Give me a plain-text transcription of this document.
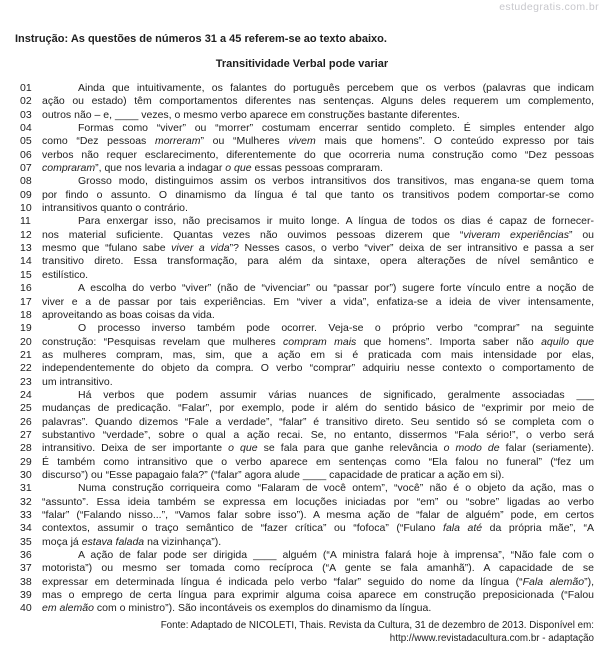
estudegratis.com.br
Instrução: As questões de números 31 a 45 referem-se ao texto abaixo.
Transitividade Verbal pode variar
01	Ainda que intuitivamente, os falantes do português percebem que os verbos (palavras que indicam
02 ação ou estado) têm comportamentos diferentes nas sentenças. Alguns deles requerem um complemento,
03 outros não – e, ____ vezes, o mesmo verbo aparece em construções bastante diferentes.
04	Formas como “viver” ou “morrer” costumam encerrar sentido completo. É simples entender algo
05 como “Dez pessoas morreram” ou “Mulheres vivem mais que homens”. O conteúdo expresso por tais
06 verbos não requer esclarecimento, diferentemente do que ocorreria numa construção como “Dez pessoas
07 compraram”, que nos levaria a indagar o que essas pessoas compraram.
08	Grosso modo, distinguimos assim os verbos intransitivos dos transitivos, mas engana-se quem toma
09 por findo o assunto. O dinamismo da língua é tal que tanto os transitivos podem comportar-se como
10 intransitivos quanto o contrário.
11	Para enxergar isso, não precisamos ir muito longe. A língua de todos os dias é capaz de fornecer-
12 nos material suficiente. Quantas vezes não ouvimos pessoas dizerem que “viveram experiências” ou
13 mesmo que “fulano sabe viver a vida”? Nesses casos, o verbo “viver” deixa de ser intransitivo e passa a ser
14 transitivo direto. Essa transformação, para além da sintaxe, opera alterações de nível semântico e
15 estilístico.
16	A escolha do verbo “viver” (não de “vivenciar” ou “passar por”) sugere forte vínculo entre a noção de
17 viver e a de passar por tais experiências. Em “viver a vida”, enfatiza-se a ideia de viver intensamente,
18 aproveitando as boas coisas da vida.
19	O processo inverso também pode ocorrer. Veja-se o próprio verbo “comprar” na seguinte
20 construção: “Pesquisas revelam que mulheres compram mais que homens”. Importa saber não aquilo que
21 as mulheres compram, mas, sim, que a ação em si é praticada com mais intensidade por elas,
22 independentemente do objeto da compra. O verbo “comprar” adquiriu nesse contexto o comportamento de
23 um intransitivo.
24	Há verbos que podem assumir várias nuances de significado, geralmente associadas ___
25 mudanças de predicação. “Falar”, por exemplo, pode ir além do sentido básico de “exprimir por meio de
26 palavras”. Quando dizemos “Fale a verdade”, “falar” é transitivo direto. Seu sentido só se completa com o
27 substantivo “verdade”, sobre o qual a ação recai. Se, no entanto, dissermos “Fala sério!”, o verbo será
28 intransitivo. Deixa de ser importante o que se fala para que ganhe relevância o modo de falar (seriamente).
29 É também como intransitivo que o verbo aparece em sentenças como “Ela falou no funeral” (“fez um
30 discurso”) ou “Esse papagaio fala?” (“falar” agora alude ____ capacidade de praticar a ação em si).
31	Numa construção corriqueira como “Falaram de você ontem”, “você” não é o objeto da ação, mas o
32 “assunto”. Essa ideia também se expressa em locuções iniciadas por “em” ou “sobre” ligadas ao verbo
33 “falar” (“Falando nisso...”, “Vamos falar sobre isso”). A mesma ação de “falar de alguém” pode, em certos
34 contextos, assumir o traço semântico de “fazer crítica” ou “fofoca” (“Fulano fala até da própria mãe”, “A
35 moça já estava falada na vizinhança”).
36	A ação de falar pode ser dirigida ____ alguém (“A ministra falará hoje à imprensa”, “Não fale com o
37 motorista”) ou mesmo ser tomada como recíproca (“A gente se fala amanhã”). A capacidade de se
38 expressar em determinada língua é indicada pelo verbo “falar” seguido do nome da língua (“Fala alemão”),
39 mas o emprego de certa língua para exprimir alguma coisa aparece em construção preposicionada (“Falou
40 em alemão com o ministro”). São incontáveis os exemplos do dinamismo da língua.
Fonte: Adaptado de NICOLETI, Thais. Revista da Cultura, 31 de dezembro de 2013. Disponível em:
http://www.revistadacultura.com.br - adaptação
